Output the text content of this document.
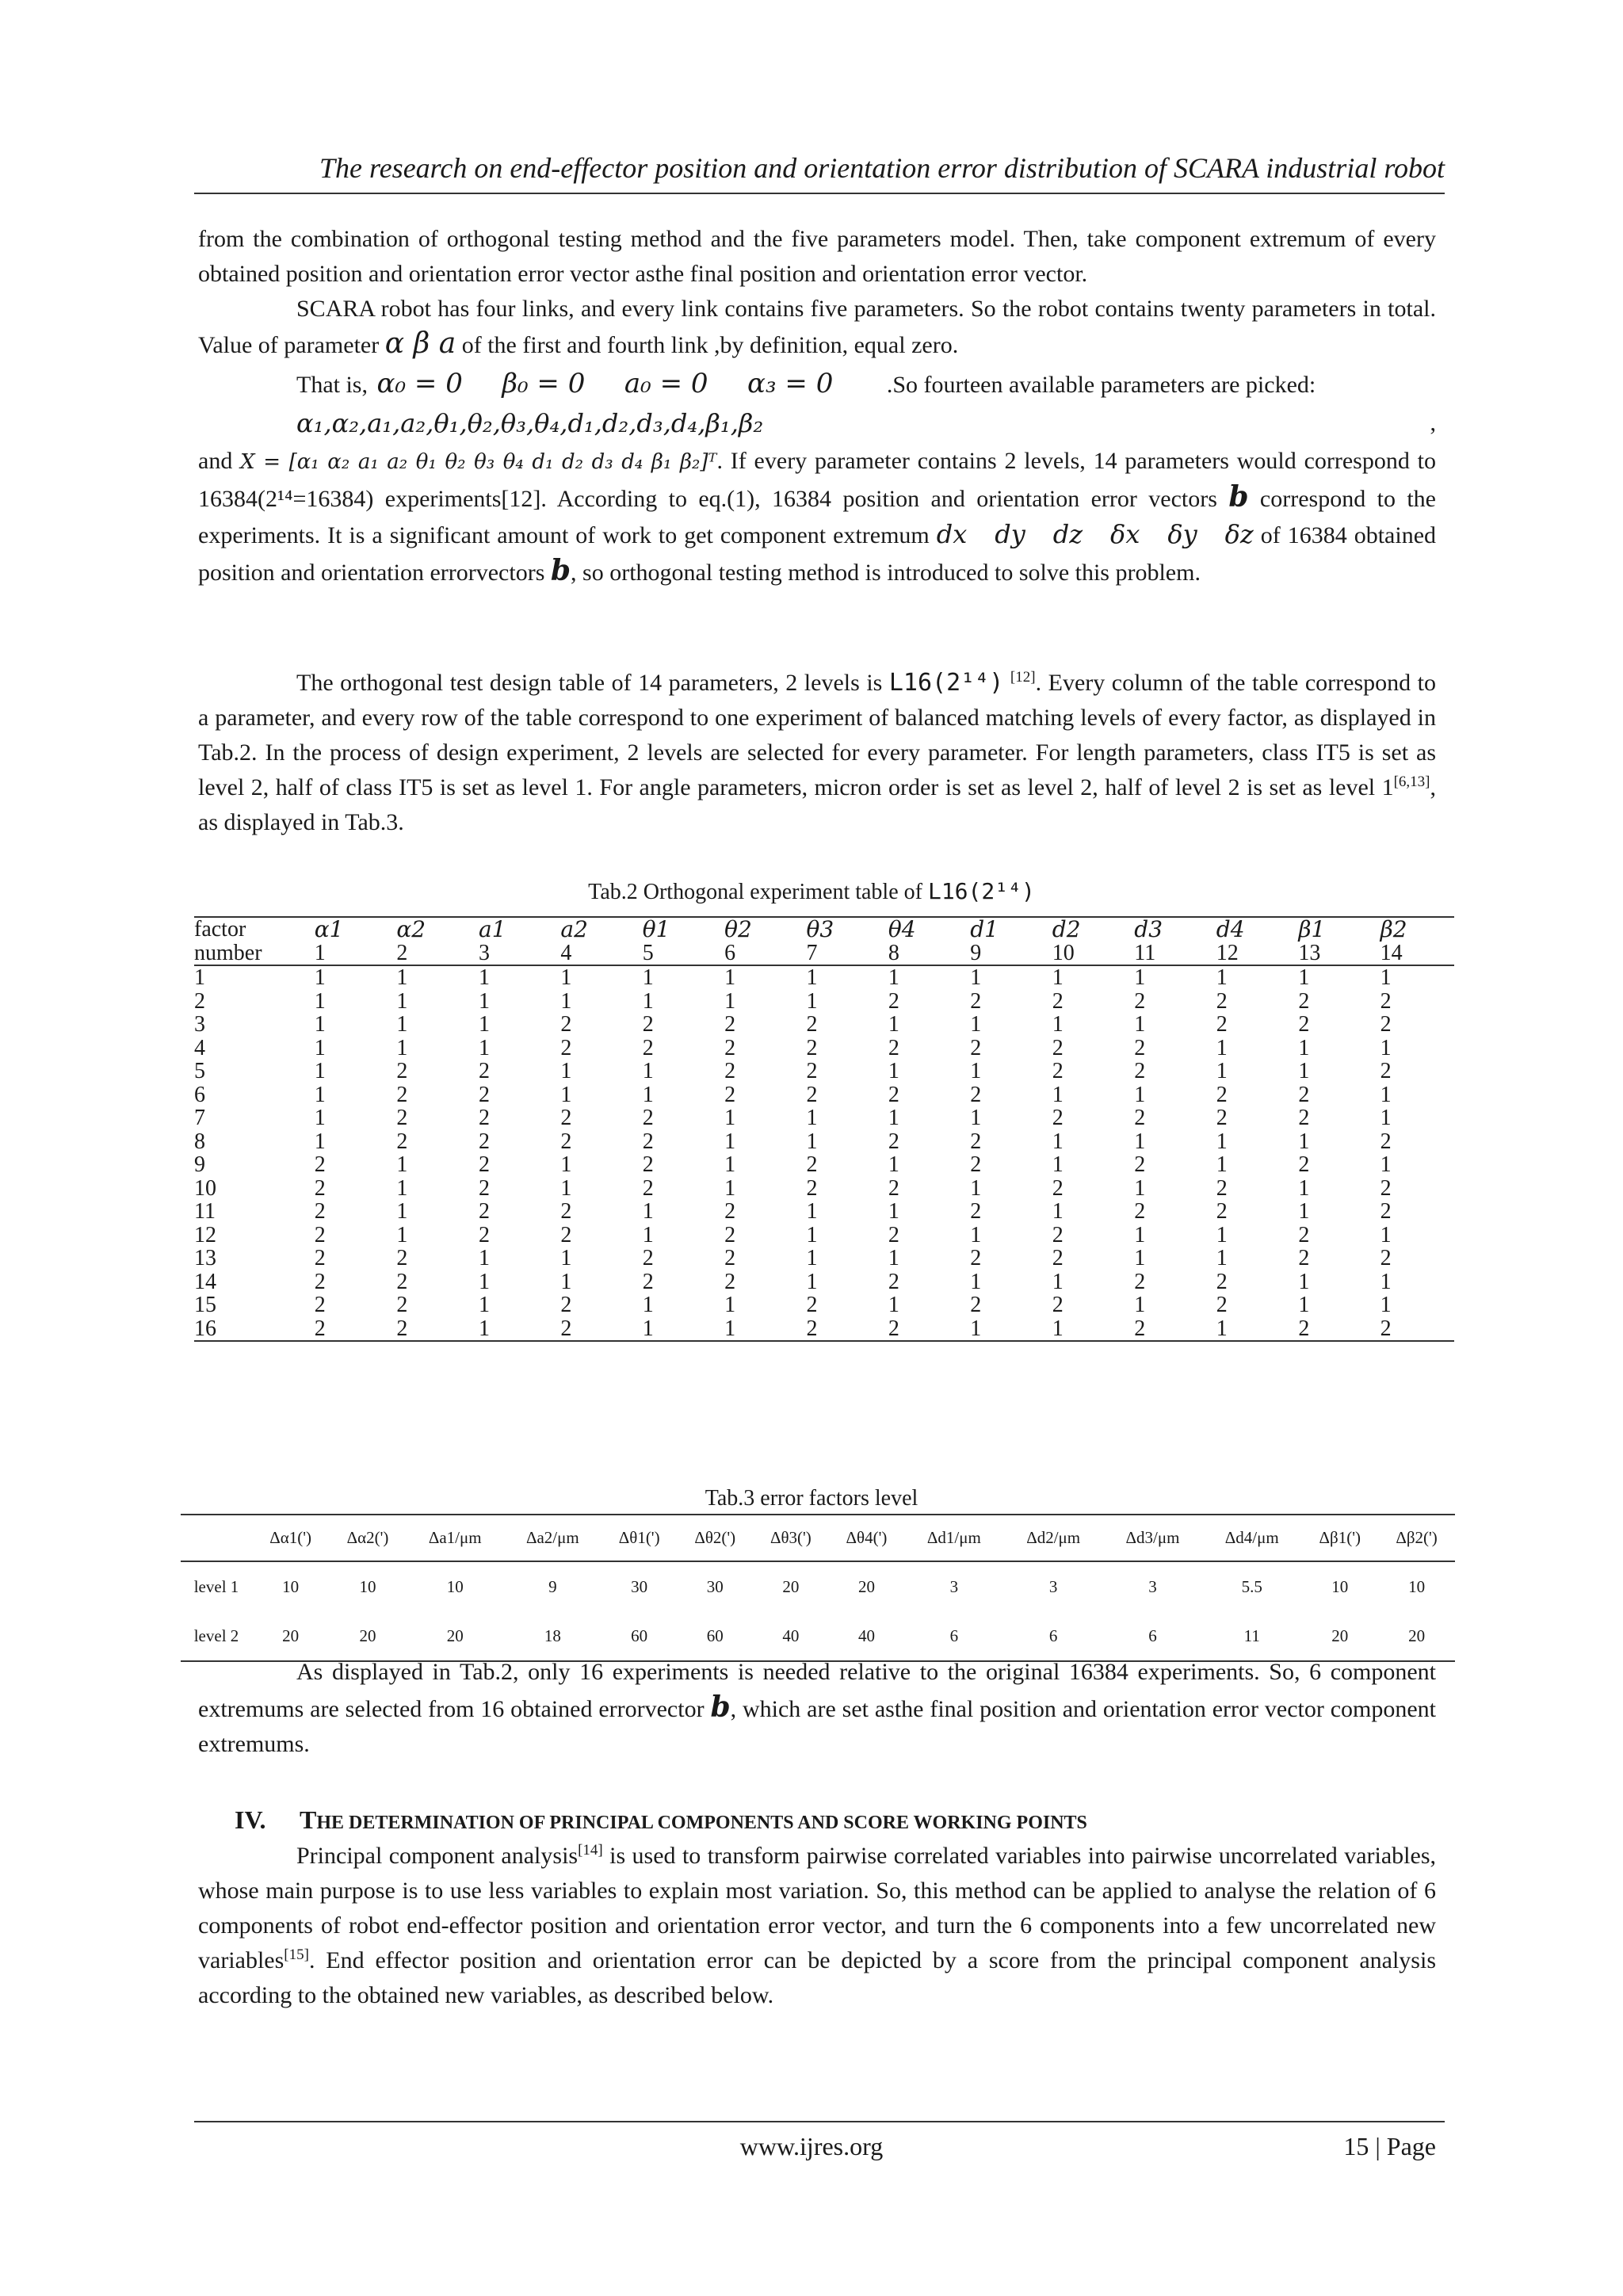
The research on end-effector position and orientation error distribution of SCARA industrial robot

from the combination of orthogonal testing method and the five parameters model. Then, take component extremum of every obtained position and orientation error vector asthe final position and orientation error vector.

SCARA robot has four links, and every link contains five parameters. So the robot contains twenty parameters in total. Value of parameter α β a of the first and fourth link ,by definition, equal zero.

That is, α₀ = 0 β₀ = 0 a₀ = 0 α₃ = 0 .So fourteen available parameters are picked:

α₁,α₂,a₁,a₂,θ₁,θ₂,θ₃,θ₄,d₁,d₂,d₃,d₄,β₁,β₂	,

and X = [α₁ α₂ a₁ a₂ θ₁ θ₂ θ₃ θ₄ d₁ d₂ d₃ d₄ β₁ β₂]ᵀ. If every parameter contains 2 levels, 14 parameters would correspond to 16384(2¹⁴=16384) experiments[12]. According to eq.(1), 16384 position and orientation error vectors b correspond to the experiments. It is a significant amount of work to get component extremum dx   dy   dz   δx   δy   δz of 16384 obtained position and orientation errorvectors b, so orthogonal testing method is introduced to solve this problem.

The orthogonal test design table of 14 parameters, 2 levels is L16(2¹⁴) [12]. Every column of the table correspond to a parameter, and every row of the table correspond to one experiment of balanced matching levels of every factor, as displayed in Tab.2. In the process of design experiment, 2 levels are selected for every parameter. For length parameters, class IT5 is set as level 2, half of class IT5 is set as level 1. For angle parameters, micron order is set as level 2, half of level 2 is set as level 1[6,13], as displayed in Tab.3.

Tab.2 Orthogonal experiment table of L16(2¹⁴)
factor	α1	α2	a1	a2	θ1	θ2	θ3	θ4	d1	d2	d3	d4	β1	β2
number	1	2	3	4	5	6	7	8	9	10	11	12	13	14
1	1	1	1	1	1	1	1	1	1	1	1	1	1	1
2	1	1	1	1	1	1	1	2	2	2	2	2	2	2
3	1	1	1	2	2	2	2	1	1	1	1	2	2	2
4	1	1	1	2	2	2	2	2	2	2	2	1	1	1
5	1	2	2	1	1	2	2	1	1	2	2	1	1	2
6	1	2	2	1	1	2	2	2	2	1	1	2	2	1
7	1	2	2	2	2	1	1	1	1	2	2	2	2	1
8	1	2	2	2	2	1	1	2	2	1	1	1	1	2
9	2	1	2	1	2	1	2	1	2	1	2	1	2	1
10	2	1	2	1	2	1	2	2	1	2	1	2	1	2
11	2	1	2	2	1	2	1	1	2	1	2	2	1	2
12	2	1	2	2	1	2	1	2	1	2	1	1	2	1
13	2	2	1	1	2	2	1	1	2	2	1	1	2	2
14	2	2	1	1	2	2	1	2	1	1	2	2	1	1
15	2	2	1	2	1	1	2	1	2	2	1	2	1	1
16	2	2	1	2	1	1	2	2	1	1	2	1	2	2
Tab.3 error factors level
	Δα1(')	Δα2(')	Δa1/μm	Δa2/μm	Δθ1(')	Δθ2(')	Δθ3(')	Δθ4(')	Δd1/μm	Δd2/μm	Δd3/μm	Δd4/μm	Δβ1(')	Δβ2(')
level 1	10	10	10	9	30	30	20	20	3	3	3	5.5	10	10
level 2	20	20	20	18	60	60	40	40	6	6	6	11	20	20

As displayed in Tab.2, only 16 experiments is needed relative to the original 16384 experiments. So, 6 component extremums are selected from 16 obtained errorvector b, which are set asthe final position and orientation error vector component extremums.

IV. THE DETERMINATION OF PRINCIPAL COMPONENTS AND SCORE WORKING POINTS

Principal component analysis[14] is used to transform pairwise correlated variables into pairwise uncorrelated variables, whose main purpose is to use less variables to explain most variation. So, this method can be applied to analyse the relation of 6 components of robot end-effector position and orientation error vector, and turn the 6 components into a few uncorrelated new variables[15]. End effector position and orientation error can be depicted by a score from the principal component analysis according to the obtained new variables, as described below.

www.ijres.org	15 | Page
